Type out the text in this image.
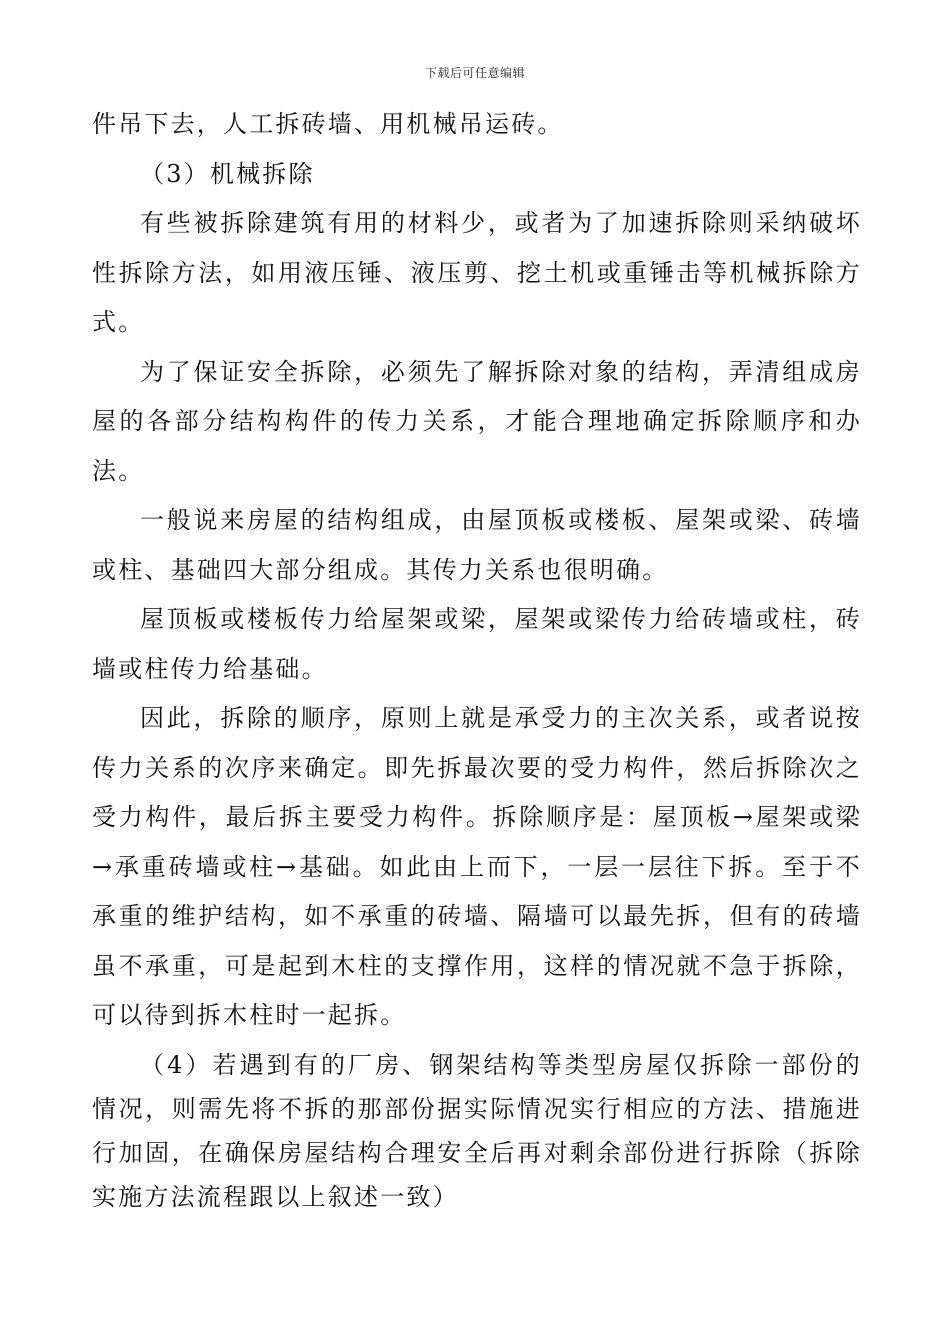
下载后可任意编辑

件吊下去，人工拆砖墙、用机械吊运砖。

（3）机械拆除

有些被拆除建筑有用的材料少，或者为了加速拆除则采纳破坏性拆除方法，如用液压锤、液压剪、挖土机或重锤击等机械拆除方式。

为了保证安全拆除，必须先了解拆除对象的结构，弄清组成房屋的各部分结构构件的传力关系，才能合理地确定拆除顺序和办法。

一般说来房屋的结构组成，由屋顶板或楼板、屋架或梁、砖墙或柱、基础四大部分组成。其传力关系也很明确。

屋顶板或楼板传力给屋架或梁，屋架或梁传力给砖墙或柱，砖墙或柱传力给基础。

因此，拆除的顺序，原则上就是承受力的主次关系，或者说按传力关系的次序来确定。即先拆最次要的受力构件，然后拆除次之受力构件，最后拆主要受力构件。拆除顺序是：屋顶板→屋架或梁→承重砖墙或柱→基础。如此由上而下，一层一层往下拆。至于不承重的维护结构，如不承重的砖墙、隔墙可以最先拆，但有的砖墙虽不承重，可是起到木柱的支撑作用，这样的情况就不急于拆除，可以待到拆木柱时一起拆。

（4）若遇到有的厂房、钢架结构等类型房屋仅拆除一部份的情况，则需先将不拆的那部份据实际情况实行相应的方法、措施进行加固，在确保房屋结构合理安全后再对剩余部份进行拆除（拆除实施方法流程跟以上叙述一致）
